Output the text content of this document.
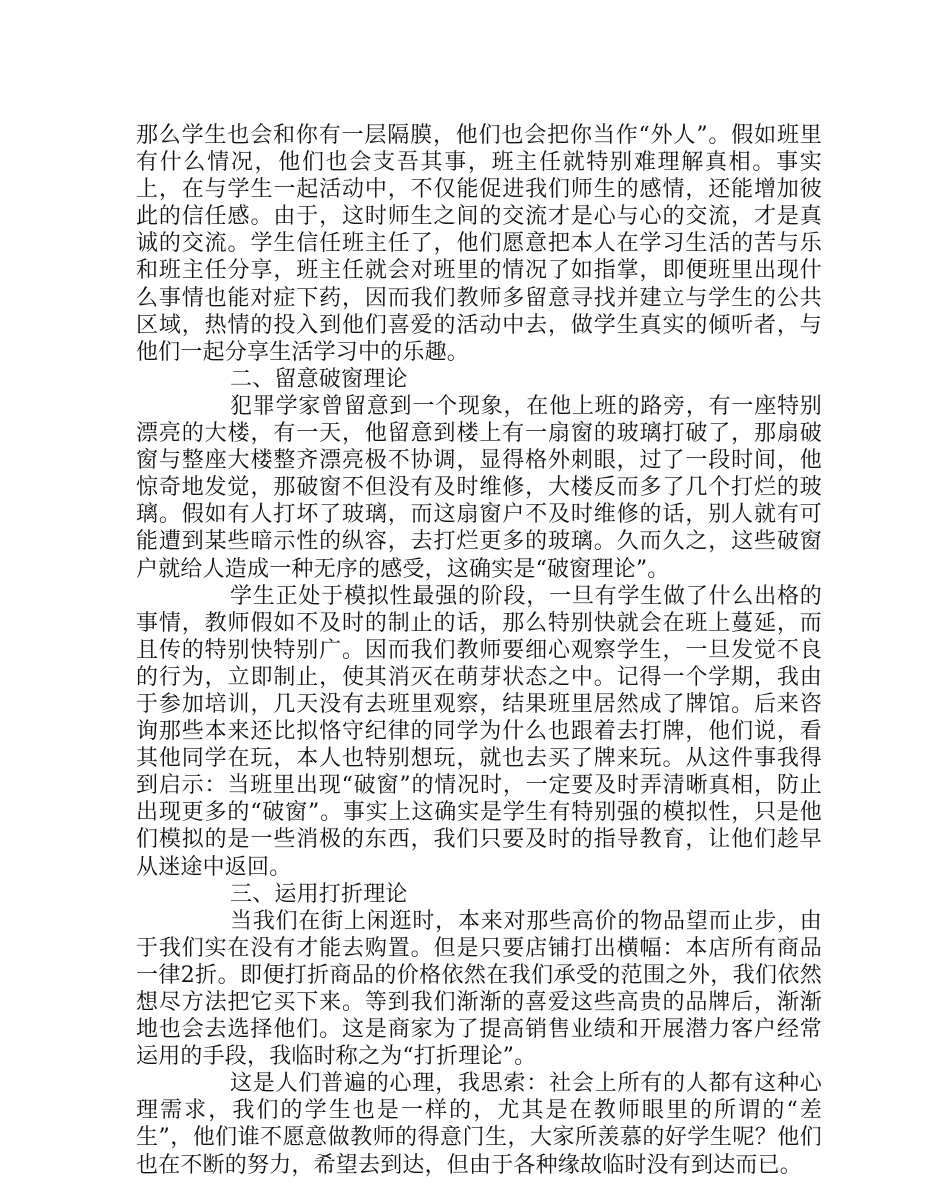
那么学生也会和你有一层隔膜，他们也会把你当作“外人”。假如班里有什么情况，他们也会支吾其事，班主任就特别难理解真相。事实上，在与学生一起活动中，不仅能促进我们师生的感情，还能增加彼此的信任感。由于，这时师生之间的交流才是心与心的交流，才是真诚的交流。学生信任班主任了，他们愿意把本人在学习生活的苦与乐和班主任分享，班主任就会对班里的情况了如指掌，即便班里出现什么事情也能对症下药，因而我们教师多留意寻找并建立与学生的公共区域，热情的投入到他们喜爱的活动中去，做学生真实的倾听者，与他们一起分享生活学习中的乐趣。

二、留意破窗理论

犯罪学家曾留意到一个现象，在他上班的路旁，有一座特别漂亮的大楼，有一天，他留意到楼上有一扇窗的玻璃打破了，那扇破窗与整座大楼整齐漂亮极不协调，显得格外刺眼，过了一段时间，他惊奇地发觉，那破窗不但没有及时维修，大楼反而多了几个打烂的玻璃。假如有人打坏了玻璃，而这扇窗户不及时维修的话，别人就有可能遭到某些暗示性的纵容，去打烂更多的玻璃。久而久之，这些破窗户就给人造成一种无序的感受，这确实是“破窗理论”。

学生正处于模拟性最强的阶段，一旦有学生做了什么出格的事情，教师假如不及时的制止的话，那么特别快就会在班上蔓延，而且传的特别快特别广。因而我们教师要细心观察学生，一旦发觉不良的行为，立即制止，使其消灭在萌芽状态之中。记得一个学期，我由于参加培训，几天没有去班里观察，结果班里居然成了牌馆。后来咨询那些本来还比拟恪守纪律的同学为什么也跟着去打牌，他们说，看其他同学在玩，本人也特别想玩，就也去买了牌来玩。从这件事我得到启示：当班里出现“破窗”的情况时，一定要及时弄清晰真相，防止出现更多的“破窗”。事实上这确实是学生有特别强的模拟性，只是他们模拟的是一些消极的东西，我们只要及时的指导教育，让他们趁早从迷途中返回。

三、运用打折理论

当我们在街上闲逛时，本来对那些高价的物品望而止步，由于我们实在没有才能去购置。但是只要店铺打出横幅：本店所有商品一律2折。即便打折商品的价格依然在我们承受的范围之外，我们依然想尽方法把它买下来。等到我们渐渐的喜爱这些高贵的品牌后，渐渐地也会去选择他们。这是商家为了提高销售业绩和开展潜力客户经常运用的手段，我临时称之为“打折理论”。

这是人们普遍的心理，我思索：社会上所有的人都有这种心理需求，我们的学生也是一样的，尤其是在教师眼里的所谓的“差生”，他们谁不愿意做教师的得意门生，大家所羡慕的好学生呢？他们也在不断的努力，希望去到达，但由于各种缘故临时没有到达而已。
